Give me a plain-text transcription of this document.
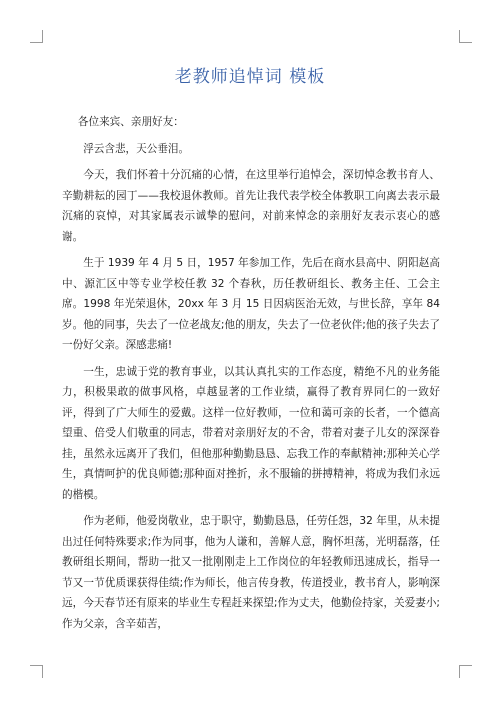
老教师追悼词 模板

各位来宾、亲朋好友：

浮云含悲，天公垂泪。

今天，我们怀着十分沉痛的心情，在这里举行追悼会，深切悼念教书育人、辛勤耕耘的园丁——我校退休教师。首先让我代表学校全体教职工向离去表示最沉痛的哀悼，对其家属表示诚挚的慰问，对前来悼念的亲朋好友表示衷心的感谢。

生于 1939 年 4 月 5 日，1957 年参加工作，先后在商水县高中、阴阳赵高中、源汇区中等专业学校任教 32 个春秋，历任教研组长、教务主任、工会主席。1998 年光荣退休，20xx 年 3 月 15 日因病医治无效，与世长辞，享年 84 岁。他的同事，失去了一位老战友;他的朋友，失去了一位老伙伴;他的孩子失去了一份好父亲。深感悲痛!

一生，忠诚于党的教育事业，以其认真扎实的工作态度，精绝不凡的业务能力，积极果敢的做事风格，卓越显著的工作业绩，赢得了教育界同仁的一致好评，得到了广大师生的爱戴。这样一位好教师，一位和蔼可亲的长者，一个德高望重、倍受人们敬重的同志，带着对亲朋好友的不舍，带着对妻子儿女的深深眷挂，虽然永远离开了我们，但他那种勤勤恳恳、忘我工作的奉献精神;那种关心学生，真情呵护的优良师德;那种面对挫折，永不服输的拼搏精神，将成为我们永远的楷模。

作为老师，他爱岗敬业，忠于职守，勤勤恳恳，任劳任怨，32 年里，从未提出过任何特殊要求;作为同事，他为人谦和，善解人意，胸怀坦荡，光明磊落，任教研组长期间，帮助一批又一批刚刚走上工作岗位的年轻教师迅速成长，指导一节又一节优质课获得佳绩;作为师长，他言传身教，传道授业，教书育人，影响深远，今天春节还有原来的毕业生专程赶来探望;作为丈夫，他勤俭持家，关爱妻小;作为父亲，含辛茹苦，
